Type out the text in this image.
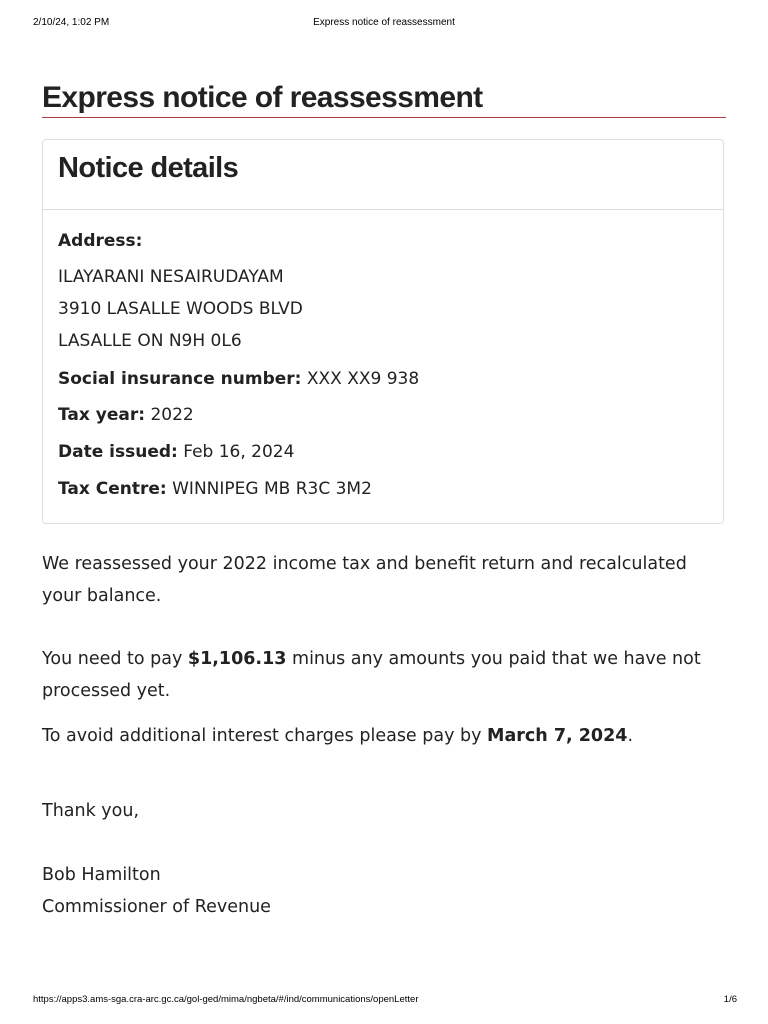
2/10/24, 1:02 PM	Express notice of reassessment
Express notice of reassessment
Notice details
Address:
ILAYARANI NESAIRUDAYAM
3910 LASALLE WOODS BLVD
LASALLE ON N9H 0L6
Social insurance number: XXX XX9 938
Tax year: 2022
Date issued: Feb 16, 2024
Tax Centre: WINNIPEG MB R3C 3M2

We reassessed your 2022 income tax and benefit return and recalculated your balance.

You need to pay $1,106.13 minus any amounts you paid that we have not processed yet.

To avoid additional interest charges please pay by March 7, 2024.

Thank you,
Bob Hamilton
Commissioner of Revenue
https://apps3.ams-sga.cra-arc.gc.ca/gol-ged/mima/ngbeta/#/ind/communications/openLetter	1/6
